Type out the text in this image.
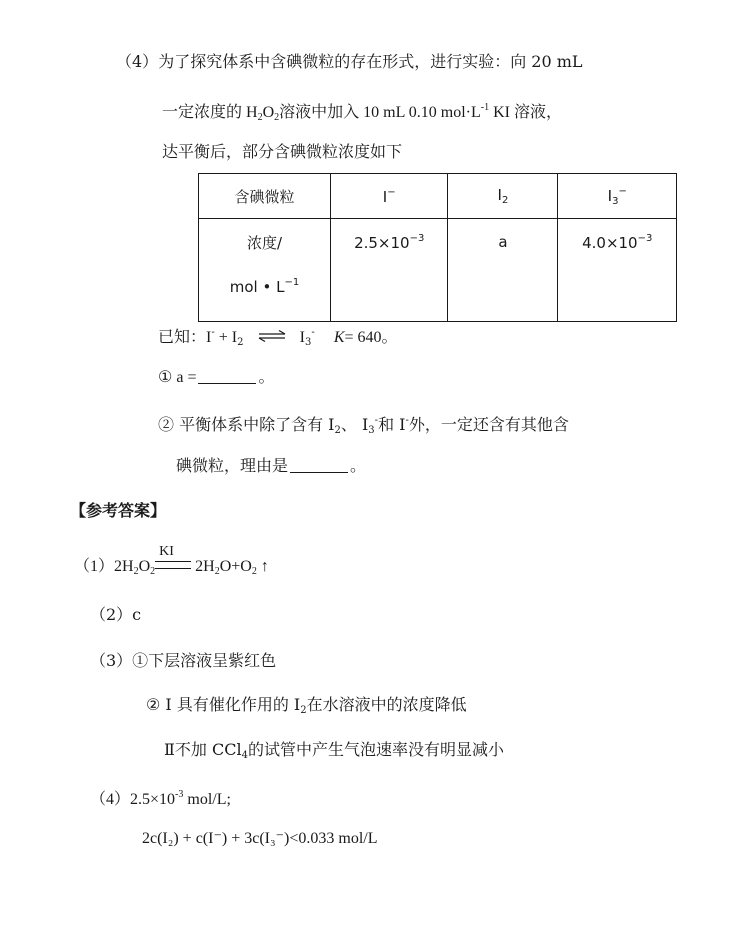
（4）为了探究体系中含碘微粒的存在形式，进行实验：向 20 mL
一定浓度的 $H_2O_2$溶液中加入 10 mL 0.10 $mol\cdot L^{-1}$ KI 溶液，
达平衡后，部分含碘微粒浓度如下
含碘微粒	I−	$I_2$	$I_3^-$

浓度/
mol • $L^{-1}$	$2.5\times 10^{-3}$	a	$4.0\times 10^{-3}$
已知：$I^- + I_2$ ⇌ $I_3^-$ K= 640。
① a =	。
② 平衡体系中除了含有 $I_2$、 $I_3^-$和 I-外，一定还含有其他含
碘微粒，理由是	。
【参考答案】
$(1)2H_2O_2$
KI
$2H_2O+O_2$ ↑
（2）c
（3）①下层溶液呈紫红色
② I 具有催化作用的 $I_2$在水溶液中的浓度降低
Ⅱ不加 CCl$_4$的试管中产生气泡速率没有明显减小
$(4)2.5\times 10^{-3}$ mol/L;
2c(I₂) + c(I⁻) + 3c(I₃⁻)<0.033 mol/L
